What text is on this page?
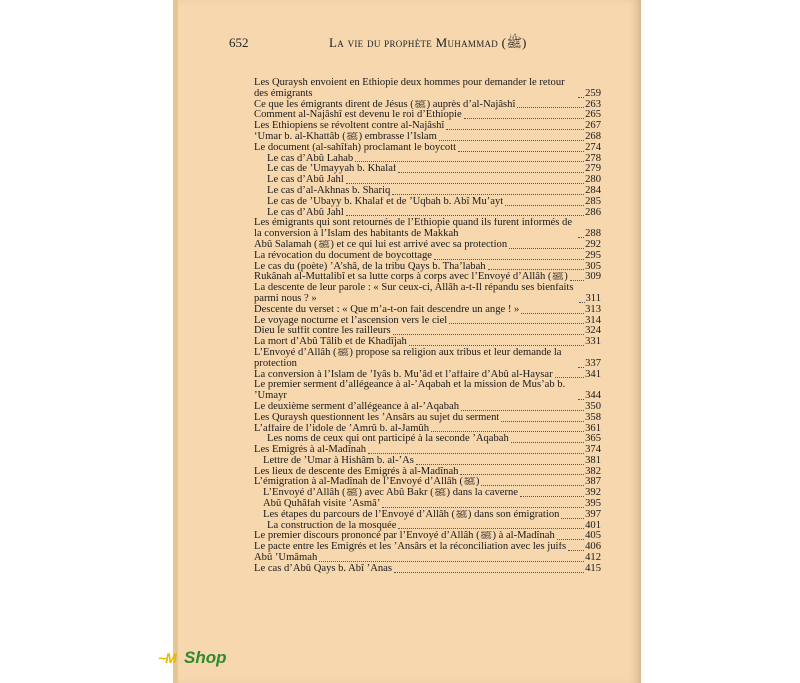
652	La vie du prophète Muhammad (ﷺ)
Les Quraysh envoient en Ethiopie deux hommes pour demander le retour des émigrants	259
Ce que les émigrants dirent de Jésus (ﷺ) auprès d’al-Najâshî	263
Comment al-Najâshî est devenu le roi d’Ethiopie	265
Les Ethiopiens se révoltent contre al-Najâshî	267
‘Umar b. al-Khattâb (ﷺ) embrasse l’Islam	268
Le document (al-sahîfah) proclamant le boycott	274
Le cas d’Abû Lahab	278
Le cas de ’Umayyah b. Khalaf	279
Le cas d’Abû Jahl	280
Le cas d’al-Akhnas b. Shariq	284
Le cas de ’Ubayy b. Khalaf et de ’Uqbah b. Abî Mu’ayt	285
Le cas d’Abû Jahl	286
Les émigrants qui sont retournés de l’Ethiopie quand ils furent informés de la conversion à l’Islam des habitants de Makkah	288
Abû Salamah (ﷺ) et ce qui lui est arrivé avec sa protection	292
La révocation du document de boycottage	295
Le cas du (poète) ’A’shâ, de la tribu Qays b. Tha’labah	305
Rukânah al-Muttalibî et sa lutte corps à corps avec l’Envoyé d’Allâh (ﷺ) 309
La descente de leur parole : « Sur ceux-ci, Allâh a-t-Il répandu ses bienfaits parmi nous ? »	311
Descente du verset : « Que m’a-t-on fait descendre un ange ! »	313
Le voyage nocturne et l’ascension vers le ciel	314
Dieu le suffit contre les railleurs	324
La mort d’Abû Tâlib et de Khadîjah	331
L’Envoyé d’Allâh (ﷺ) propose sa religion aux tribus et leur demande la protection	337
La conversion à l’Islam de ’Iyâs b. Mu’âd et l’affaire d’Abû al-Haysar	341
Le premier serment d’allégeance à al-’Aqabah et la mission de Mus’ab b. ’Umayr	344
Le deuxième serment d’allégeance à al-’Aqabah	350
Les Quraysh questionnent les ’Ansârs au sujet du serment	358
L’affaire de l’idole de ’Amrû b. al-Jamûh	361
Les noms de ceux qui ont participé à la seconde ’Aqabah	365
Les Émigrés à al-Madînah	374
Lettre de ’Umar à Hishâm b. al-’As	381
Les lieux de descente des Émigrés à al-Madînah	382
L’émigration à al-Madînah de l’Envoyé d’Allâh (ﷺ)	387
L’Envoyé d’Allâh (ﷺ) avec Abû Bakr (ﷺ) dans la caverne	392
Abû Quhâfah visite ’Asmâ’	395
Les étapes du parcours de l’Envoyé d’Allâh (ﷺ) dans son émigration 397
La construction de la mosquée	401
Le premier discours prononcé par l’Envoyé d’Allâh (ﷺ) à al-Madînah	405
Le pacte entre les Émigrés et les ’Ansârs et la réconciliation avec les juifs 406
Abû ’Umâmah	412
Le cas d’Abû Qays b. Abî ’Anas	415
~M Shop
